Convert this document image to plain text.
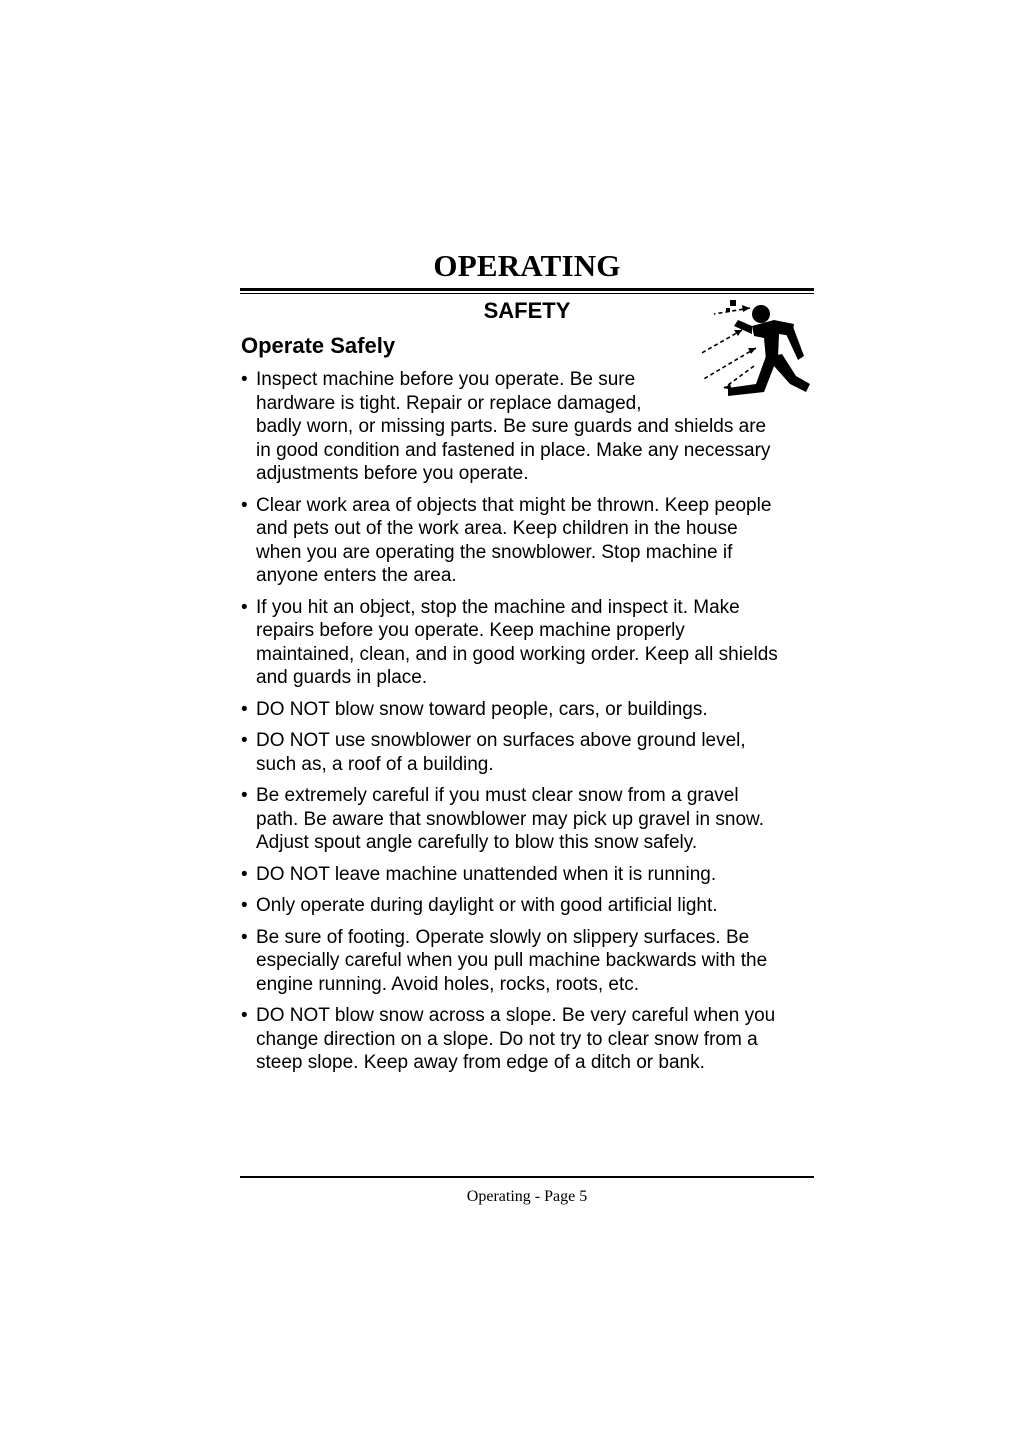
OPERATING
SAFETY
Operate Safely
• Inspect machine before you operate. Be sure hardware is tight. Repair or replace damaged, badly worn, or missing parts. Be sure guards and shields are in good condition and fastened in place. Make any necessary adjustments before you operate.
• Clear work area of objects that might be thrown. Keep people and pets out of the work area. Keep children in the house when you are operating the snowblower. Stop machine if anyone enters the area.
• If you hit an object, stop the machine and inspect it. Make repairs before you operate. Keep machine properly maintained, clean, and in good working order. Keep all shields and guards in place.
• DO NOT blow snow toward people, cars, or buildings.
• DO NOT use snowblower on surfaces above ground level, such as, a roof of a building.
• Be extremely careful if you must clear snow from a gravel path. Be aware that snowblower may pick up gravel in snow. Adjust spout angle carefully to blow this snow safely.
• DO NOT leave machine unattended when it is running.
• Only operate during daylight or with good artificial light.
• Be sure of footing. Operate slowly on slippery surfaces. Be especially careful when you pull machine backwards with the engine running. Avoid holes, rocks, roots, etc.
• DO NOT blow snow across a slope. Be very careful when you change direction on a slope. Do not try to clear snow from a steep slope. Keep away from edge of a ditch or bank.
Operating - Page 5
